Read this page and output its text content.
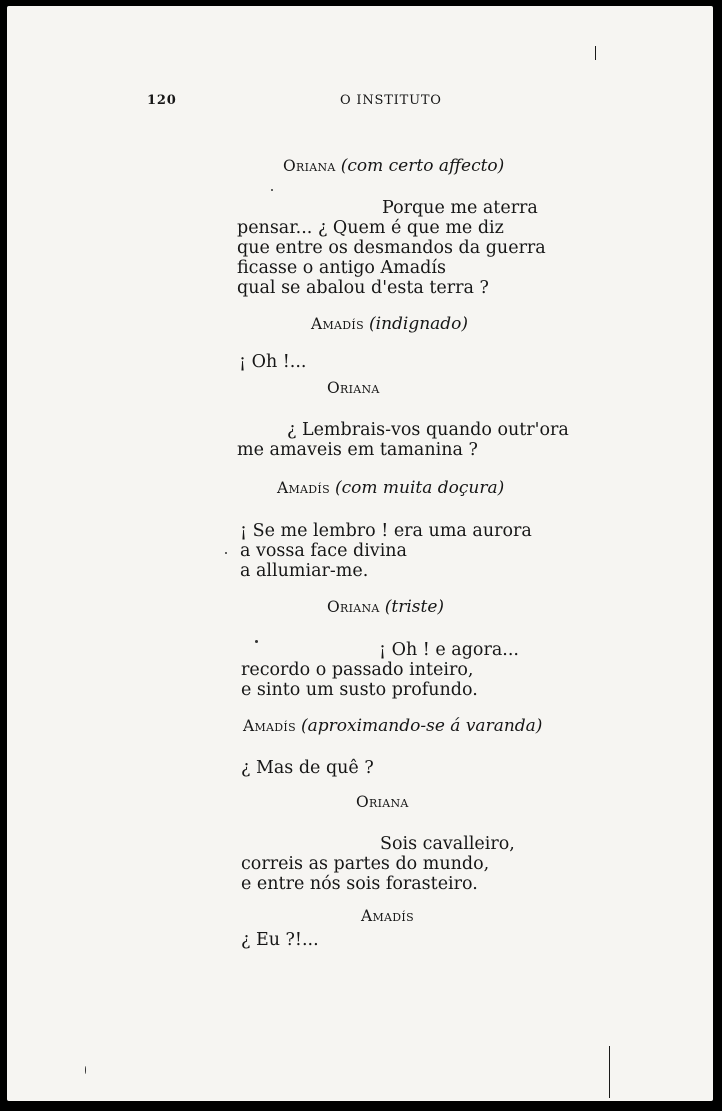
120	O INSTITUTO
Oriana (com certo affecto)
Porque me aterra
pensar... ¿ Quem é que me diz
que entre os desmandos da guerra
ficasse o antigo Amadís
qual se abalou d'esta terra ?
Amadís (indignado)
¡ Oh !...
Oriana
¿ Lembrais-vos quando outr'ora
me amaveis em tamanina ?
Amadís (com muita doçura)
¡ Se me lembro ! era uma aurora
a vossa face divina
a allumiar-me.
Oriana (triste)
¡ Oh ! e agora...
recordo o passado inteiro,
e sinto um susto profundo.
Amadís (aproximando-se á varanda)
¿ Mas de quê ?
Oriana
Sois cavalleiro,
correis as partes do mundo,
e entre nós sois forasteiro.
Amadís
¿ Eu ?!...
